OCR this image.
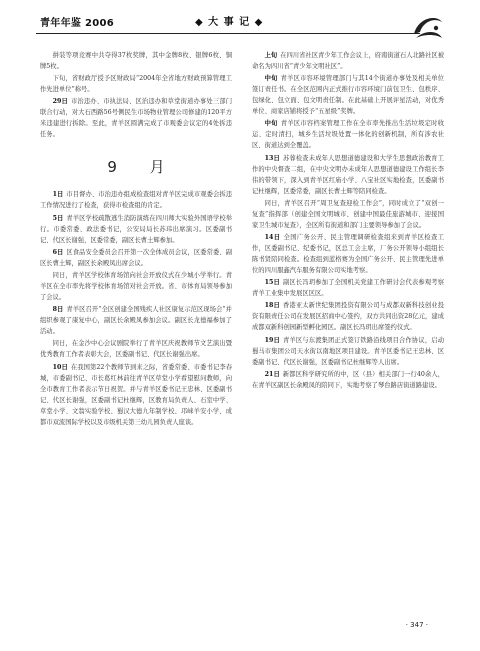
青年年鉴 2006	◆ 大 事 记 ◆

拼装等项竞赛中共夺得37枚奖牌，其中金牌8枚、银牌6枚、铜牌5枚。

下旬，省财政厅授予区财政局“2004年全省地方财政预算管理工作先进单位”称号。

29日 市治违办、市执法局、区治违办和草堂街道办事处三部门联合行动，对大石西路56号侧民生市场物业管理公司修建的120平方米违建进行拆除。至此，青羊区圆满完成了市观委会议定的4处拆违任务。

9 月

1日 市目督办、市治违办组成检查组对青羊区完成市观委会拆违工作情况进行了检查，获得市检查组的肯定。

5日 青羊区学校疏散逃生消防演练在四川师大实验外国语学校举行。市委常委、政法委书记，公安局局长苏玮出席演习。区委副书记、代区长谢强，区委常委，副区长曹土辉参加。

6日 区食品安全委员会召开第一次全体成员会议，区委常委、副区长曹土辉，副区长余殿凤出席会议。

同日，青羊区学校体育场馆向社会开放仪式在少城小学举行。青羊区在全市率先将学校体育场馆对社会开放。省、市体育局领导参加了会议。

8日 青羊区召开“全区创建全国残疾人社区康复示范区现场会”并组织参观了康复中心，副区长余殿凤参加会议。副区长龙德福参加了活动。

同日，在金沙中心会议剧院举行了青羊区庆祝教师节文艺演出暨优秀教育工作者表彰大会，区委副书记、代区长谢强出席。

10日 在我国第22个教师节到来之际，省委常委、市委书记李春城，市委副书记、市长葛红林前往青羊区草堂小学看望慰问教师，向全市教育工作者表示节日祝贺。并与青羊区委书记王忠林、区委副书记、代区长谢强，区委副书记杜继辉，区教育局负责人、石室中学、草堂小学、文翁实验学校、蜀汉大德九年制学校、邛崃羊安小学、成都市双流国际学校以及市级机关第三幼儿园负责人座谈。

上旬 在四川省社区青少年工作会议上，府南街道石人北路社区被命名为四川省“青少年文明社区”。

中旬 青羊区市容环境管理部门与其14个街道办事处及相关单位签订责任书。在全区范围内正式推行市容环境门前包卫生、包秩序、包绿化、包立面、包文明责任制。在此基础上开展评星活动，对优秀单位、商家店铺将授予“五星级”奖牌。

中旬 青羊区市容档案管理工作在全市率先推出生活垃圾定时收运、定时清扫，城乡生活垃圾处置一体化的创新机制，所有涉农社区、街道达到全覆盖。

13日 苏蓉检查未成年人思想道德建设和大学生思想政治教育工作的中央督查二组，在中央文明办未成年人思想道德建设工作组长李伟的带领下，深入到青羊区红庙小学、八宝社区实地检查，区委副书记杜继辉，区委常委，副区长曹土辉等陪同检查。

同日，青羊区召开“周卫复查迎检工作会”，同时成立了“双创一复查”指挥部（创建全国文明城市、创建中国最佳旅游城市、迎接国家卫生城市复查），全区所有街道和部门主要领导参加了会议。

14日 全国广务公开、民主管理调研检查组来到青羊区检查工作，区委副书记、纪委书记，区总工会主席，厂务公开领导小组组长陈书贤陪同检查。检查组到蓝格赛为全国广务公开、民主管理先进单位的四川服鑫汽车服务有限公司实地考察。

15日 副区长冯玥参加了全国机关党建工作研讨会代表参观考察青羊工业集中发展区区区。

18日 香港亚太新世纪集团投资有限公司与成都双新科技创业投资有限责任公司在发展区招商中心签约，双方共同出资28亿元，建成成都双新科创园新型孵化园区。副区长冯玥出席签约仪式。

19日 青羊区与东渡集团正式签订铁路沿线项目合作协议，启动蜀马市集团公司天水街以南地区项目建设。青羊区委书记王忠林、区委副书记、代区长谢强，区委副书记杜继辉等人出席。

21日 新都区科学研究所的中，区（县）相关部门一行40余人，在青羊区副区长余殿凤的陪同下，实地考察了琴台路店街道路建设。

· 347 ·
